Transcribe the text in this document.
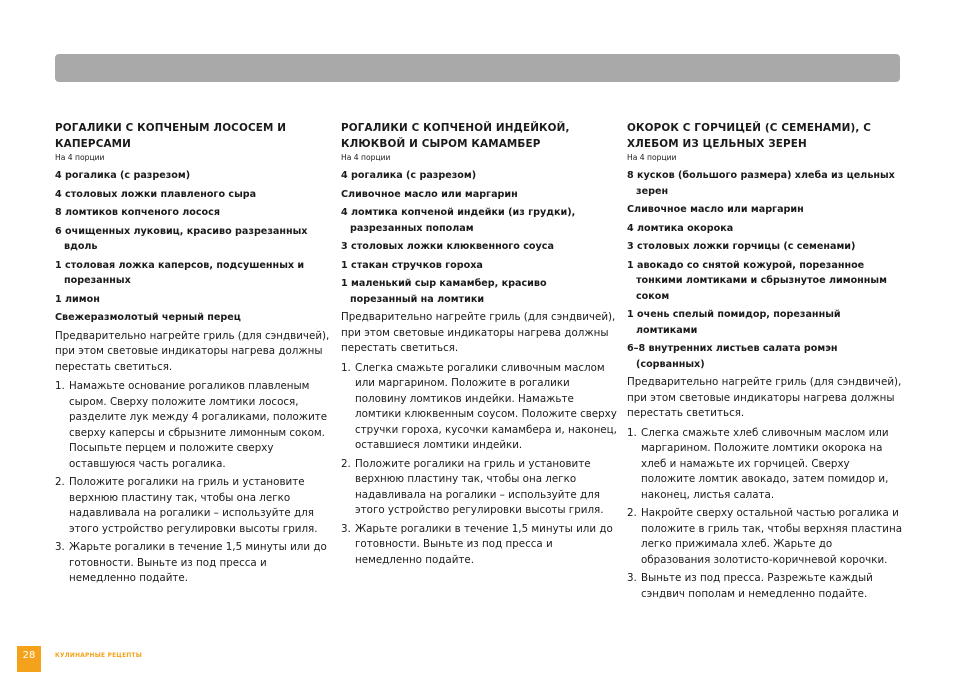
РОГАЛИКИ С КОПЧЕНЫМ ЛОСОСЕМ И КАПЕРСАМИ
На 4 порции
4 рогалика (с разрезом)
4 столовых ложки плавленого сыра
8 ломтиков копченого лосося
6 очищенных луковиц, красиво разрезанных вдоль
1 столовая ложка каперсов, подсушенных и порезанных
1 лимон
Свежеразмолотый черный перец

Предварительно нагрейте гриль (для сэндвичей), при этом световые индикаторы нагрева должны перестать светиться.

1. Намажьте основание рогаликов плавленым сыром. Сверху положите ломтики лосося, разделите лук между 4 рогаликами, положите сверху каперсы и сбрызните лимонным соком. Посыпьте перцем и положите сверху оставшуюся часть рогалика.
2. Положите рогалики на гриль и установите верхнюю пластину так, чтобы она легко надавливала на рогалики – используйте для этого устройство регулировки высоты гриля.
3. Жарьте рогалики в течение 1,5 минуты или до готовности. Выньте из под пресса и немедленно подайте.
РОГАЛИКИ С КОПЧЕНОЙ ИНДЕЙКОЙ, КЛЮКВОЙ И СЫРОМ КАМАМБЕР
На 4 порции
4 рогалика (с разрезом)
Сливочное масло или маргарин
4 ломтика копченой индейки (из грудки), разрезанных пополам
3 столовых ложки клюквенного соуса
1 стакан стручков гороха
1 маленький сыр камамбер, красиво порезанный на ломтики

Предварительно нагрейте гриль (для сэндвичей), при этом световые индикаторы нагрева должны перестать светиться.

1. Слегка смажьте рогалики сливочным маслом или маргарином. Положите в рогалики половину ломтиков индейки. Намажьте ломтики клюквенным соусом. Положите сверху стручки гороха, кусочки камамбера и, наконец, оставшиеся ломтики индейки.
2. Положите рогалики на гриль и установите верхнюю пластину так, чтобы она легко надавливала на рогалики – используйте для этого устройство регулировки высоты гриля.
3. Жарьте рогалики в течение 1,5 минуты или до готовности. Выньте из под пресса и немедленно подайте.
ОКОРОК С ГОРЧИЦЕЙ (С СЕМЕНАМИ), С ХЛЕБОМ ИЗ ЦЕЛЬНЫХ ЗЕРЕН
На 4 порции
8 кусков (большого размера) хлеба из цельных зерен
Сливочное масло или маргарин
4 ломтика окорока
3 столовых ложки горчицы (с семенами)
1 авокадо со снятой кожурой, порезанное тонкими ломтиками и сбрызнутое лимонным соком
1 очень спелый помидор, порезанный ломтиками
6–8 внутренних листьев салата ромэн (сорванных)

Предварительно нагрейте гриль (для сэндвичей), при этом световые индикаторы нагрева должны перестать светиться.

1. Слегка смажьте хлеб сливочным маслом или маргарином. Положите ломтики окорока на хлеб и намажьте их горчицей. Сверху положите ломтик авокадо, затем помидор и, наконец, листья салата.
2. Накройте сверху остальной частью рогалика и положите в гриль так, чтобы верхняя пластина легко прижимала хлеб. Жарьте до образования золотисто-коричневой корочки.
3. Выньте из под пресса. Разрежьте каждый сэндвич пополам и немедленно подайте.
28	КУЛИНАРНЫЕ РЕЦЕПТЫ
